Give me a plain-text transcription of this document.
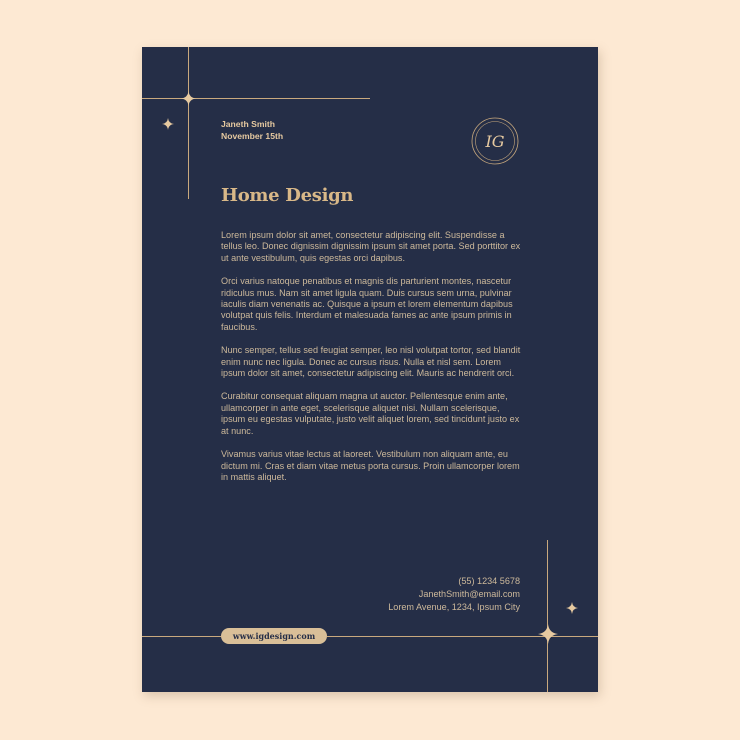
Janeth Smith
November 15th	IG
Home Design

Lorem ipsum dolor sit amet, consectetur adipiscing elit. Suspendisse a tellus leo. Donec dignissim dignissim ipsum sit amet porta. Sed porttitor ex ut ante vestibulum, quis egestas orci dapibus.

Orci varius natoque penatibus et magnis dis parturient montes, nascetur ridiculus mus. Nam sit amet ligula quam. Duis cursus sem urna, pulvinar iaculis diam venenatis ac. Quisque a ipsum et lorem elementum dapibus volutpat quis felis. Interdum et malesuada fames ac ante ipsum primis in faucibus.

Nunc semper, tellus sed feugiat semper, leo nisl volutpat tortor, sed blandit enim nunc nec ligula. Donec ac cursus risus. Nulla et nisl sem. Lorem ipsum dolor sit amet, consectetur adipiscing elit. Mauris ac hendrerit orci.

Curabitur consequat aliquam magna ut auctor. Pellentesque enim ante, ullamcorper in ante eget, scelerisque aliquet nisi. Nullam scelerisque, ipsum eu egestas vulputate, justo velit aliquet lorem, sed tincidunt justo ex at nunc.

Vivamus varius vitae lectus at laoreet. Vestibulum non aliquam ante, eu dictum mi. Cras et diam vitae metus porta cursus. Proin ullamcorper lorem in mattis aliquet.

(55) 1234 5678
JanethSmith@email.com
Lorem Avenue, 1234, Ipsum City
www.igdesign.com
